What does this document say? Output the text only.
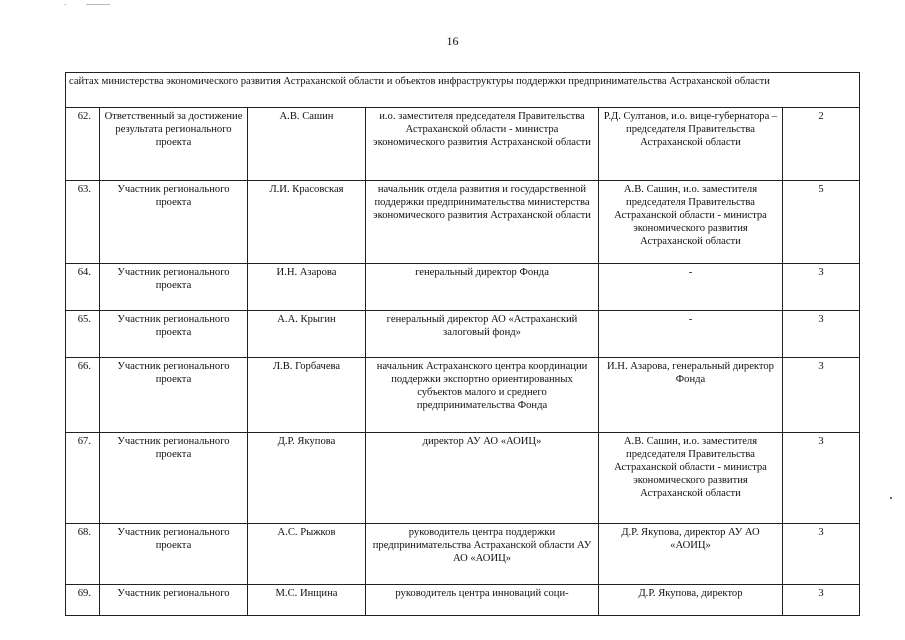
16
сайтах министерства экономического развития Астраханской области и объектов инфраструктуры поддержки предпринимательства Астраханской области					
62.	Ответственный за достижение результата регионального проекта	А.В. Сашин	и.о. заместителя председателя Правительства Астраханской области - министра экономического развития Астраханской области	Р.Д. Султанов, и.о. вице-губернатора – председателя Правительства Астраханской области	2
63.	Участник регионального проекта	Л.И. Красовская	начальник отдела развития и государственной поддержки предпринимательства министерства экономического развития Астраханской области	А.В. Сашин, и.о. заместителя председателя Правительства Астраханской области - министра экономического развития Астраханской области	5
64.	Участник регионального проекта	И.Н. Азарова	генеральный директор Фонда	-	3
65.	Участник регионального проекта	А.А. Крыгин	генеральный директор АО «Астраханский залоговый фонд»	-	3
66.	Участник регионального проекта	Л.В. Горбачева	начальник Астраханского центра координации поддержки экспортно ориентированных субъектов малого и среднего предпринимательства Фонда	И.Н. Азарова, генеральный директор Фонда	3
67.	Участник регионального проекта	Д.Р. Якупова	директор АУ АО «АОИЦ»	А.В. Сашин, и.о. заместителя председателя Правительства Астраханской области - министра экономического развития Астраханской области	3
68.	Участник регионального проекта	А.С. Рыжков	руководитель центра поддержки предпринимательства Астраханской области АУ АО «АОИЦ»	Д.Р. Якупова, директор АУ АО «АОИЦ»	3
69.	Участник регионального	М.С. Инщина	руководитель центра инноваций соци-	Д.Р. Якупова, директор	3
